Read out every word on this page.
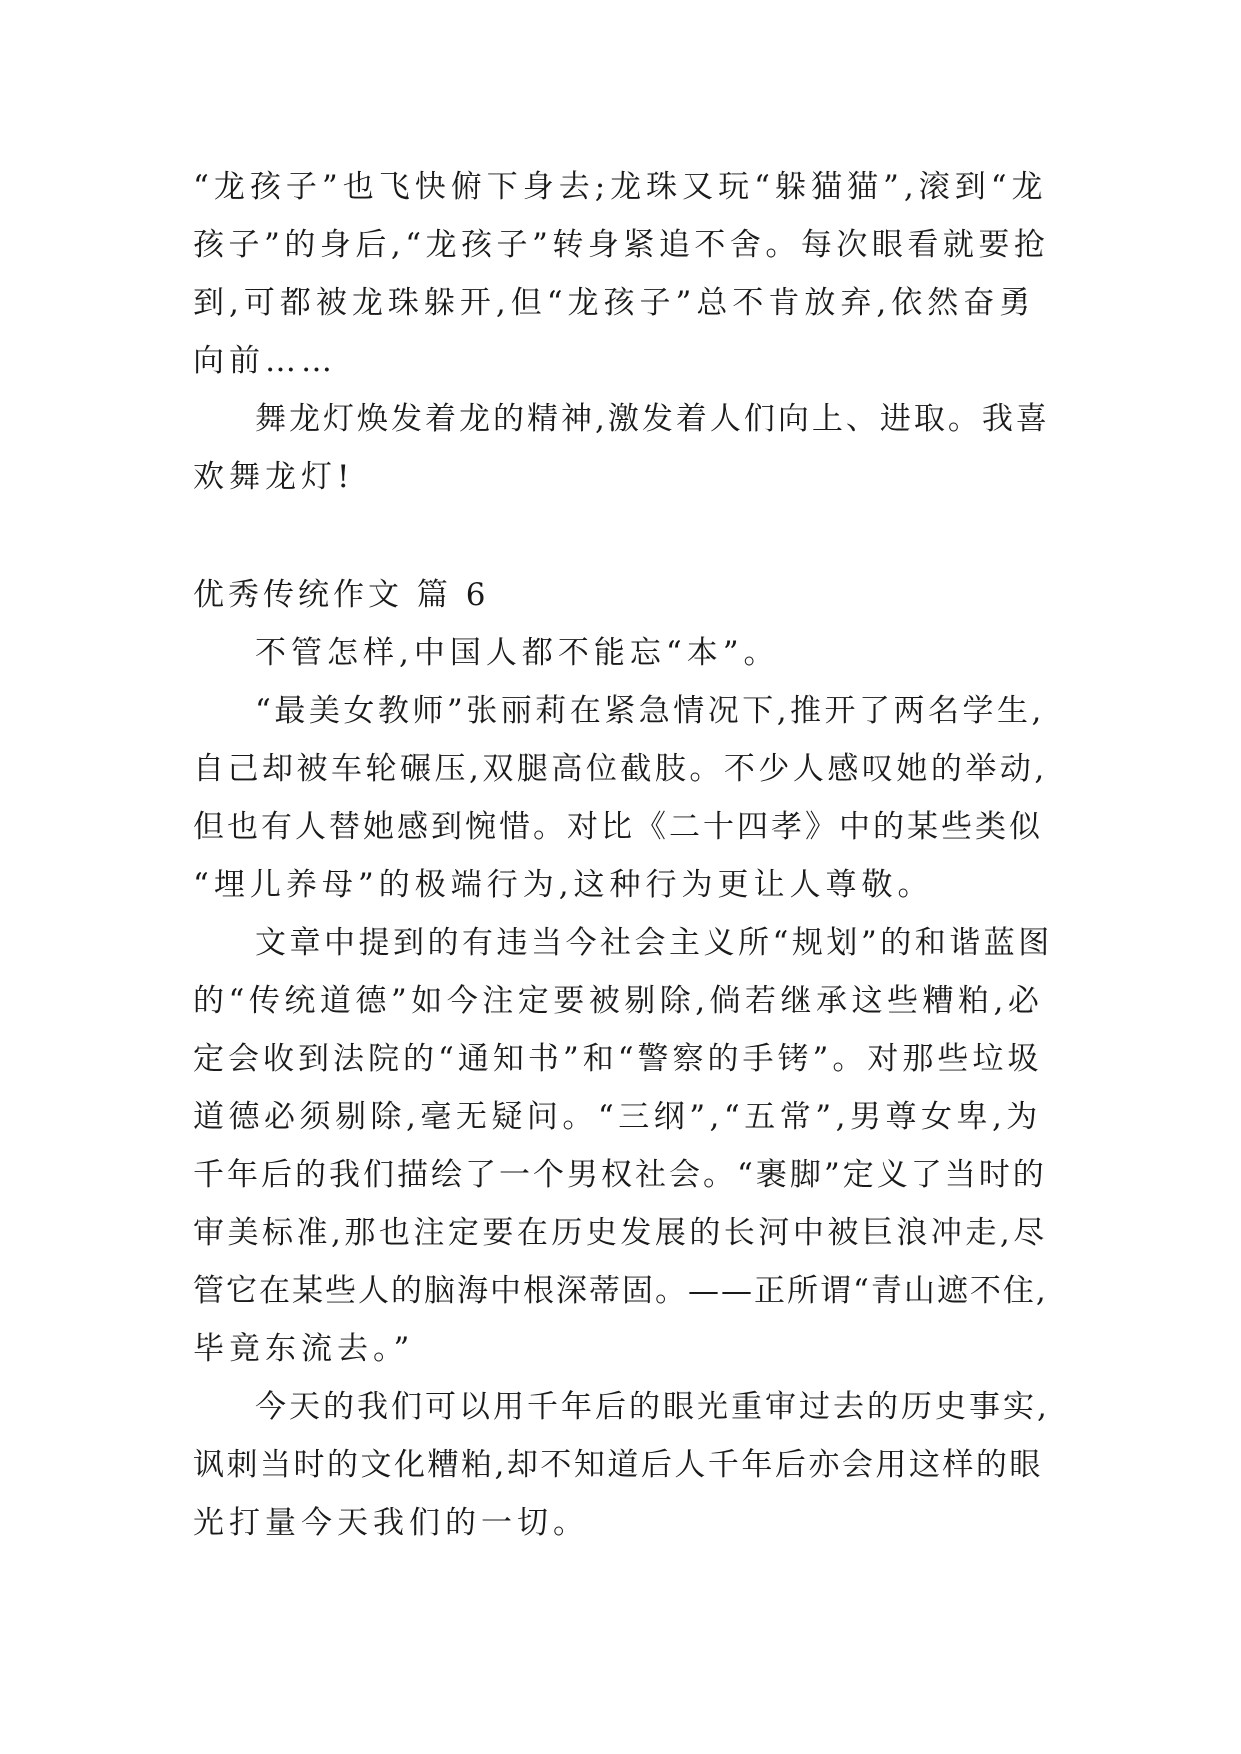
“龙孩子”也飞快俯下身去;龙珠又玩“躲猫猫”,滚到“龙
孩子”的身后,“龙孩子”转身紧追不舍。每次眼看就要抢
到,可都被龙珠躲开,但“龙孩子”总不肯放弃,依然奋勇
向前……
舞龙灯焕发着龙的精神,激发着人们向上、进取。我喜
欢舞龙灯!
优秀传统作文 篇 6
不管怎样,中国人都不能忘“本”。
“最美女教师”张丽莉在紧急情况下,推开了两名学生,
自己却被车轮碾压,双腿高位截肢。不少人感叹她的举动,
但也有人替她感到惋惜。对比《二十四孝》中的某些类似
“埋儿养母”的极端行为,这种行为更让人尊敬。
文章中提到的有违当今社会主义所“规划”的和谐蓝图
的“传统道德”如今注定要被剔除,倘若继承这些糟粕,必
定会收到法院的“通知书”和“警察的手铐”。对那些垃圾
道德必须剔除,毫无疑问。“三纲”,“五常”,男尊女卑,为
千年后的我们描绘了一个男权社会。“裹脚”定义了当时的
审美标准,那也注定要在历史发展的长河中被巨浪冲走,尽
管它在某些人的脑海中根深蒂固。——正所谓“青山遮不住,
毕竟东流去。”
今天的我们可以用千年后的眼光重审过去的历史事实,
讽刺当时的文化糟粕,却不知道后人千年后亦会用这样的眼
光打量今天我们的一切。
